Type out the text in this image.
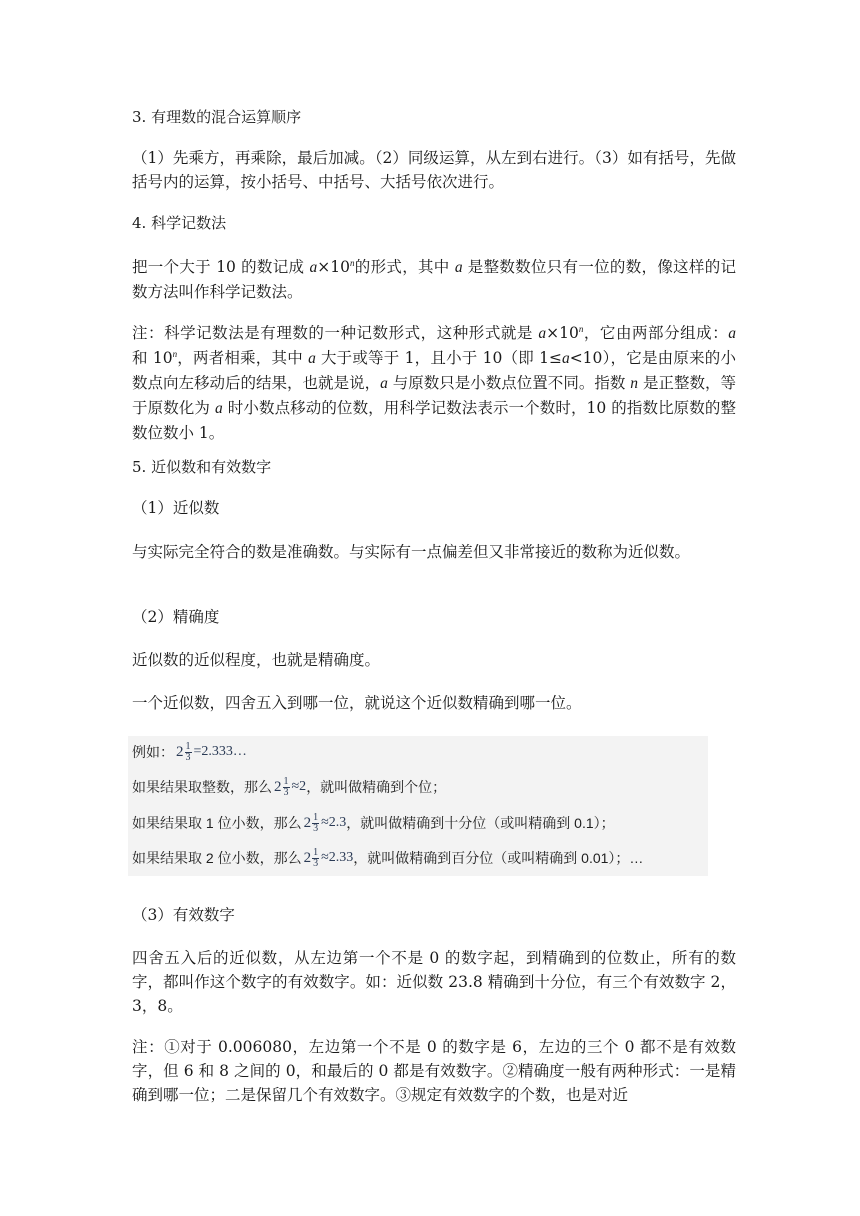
3. 有理数的混合运算顺序
（1）先乘方，再乘除，最后加减。（2）同级运算，从左到右进行。（3）如有括号，先做括号内的运算，按小括号、中括号、大括号依次进行。
4. 科学记数法
把一个大于 10 的数记成 $a\times 10^n$的形式，其中 a 是整数数位只有一位的数，像这样的记数方法叫作科学记数法。
注：科学记数法是有理数的一种记数形式，这种形式就是 $a\times 10^n$，它由两部分组成：a 和 10$^n$，两者相乘，其中 a 大于或等于 1，且小于 10（即 1≤a<10），它是由原来的小数点向左移动后的结果，也就是说，a 与原数只是小数点位置不同。指数 n 是正整数，等于原数化为 a 时小数点移动的位数，用科学记数法表示一个数时，10 的指数比原数的整数位数小 1。
5. 近似数和有效数字
（1）近似数
与实际完全符合的数是准确数。与实际有一点偏差但又非常接近的数称为近似数。
（2）精确度
近似数的近似程度，也就是精确度。
一个近似数，四舍五入到哪一位，就说这个近似数精确到哪一位。
例如： $2 \frac{1}{3}$ =2.333…
如果结果取整数，那么 $2 \frac{1}{3} \approx 2$ ，就叫做精确到个位；
如果结果取 1 位小数，那么 $2 \frac{1}{3} \approx 2.3$ ，就叫做精确到十分位（或叫精确到 0.1）；
如果结果取 2 位小数，那么 $2 \frac{1}{3} \approx 2.33$ ，就叫做精确到百分位（或叫精确到 0.01）；…
（3）有效数字
四舍五入后的近似数，从左边第一个不是 0 的数字起，到精确到的位数止，所有的数字，都叫作这个数字的有效数字。如：近似数 23.8 精确到十分位，有三个有效数字 2，3，8。
注：①对于 0.006080，左边第一个不是 0 的数字是 6，左边的三个 0 都不是有效数字，但 6 和 8 之间的 0，和最后的 0 都是有效数字。②精确度一般有两种形式：一是精确到哪一位；二是保留几个有效数字。③规定有效数字的个数，也是对近
